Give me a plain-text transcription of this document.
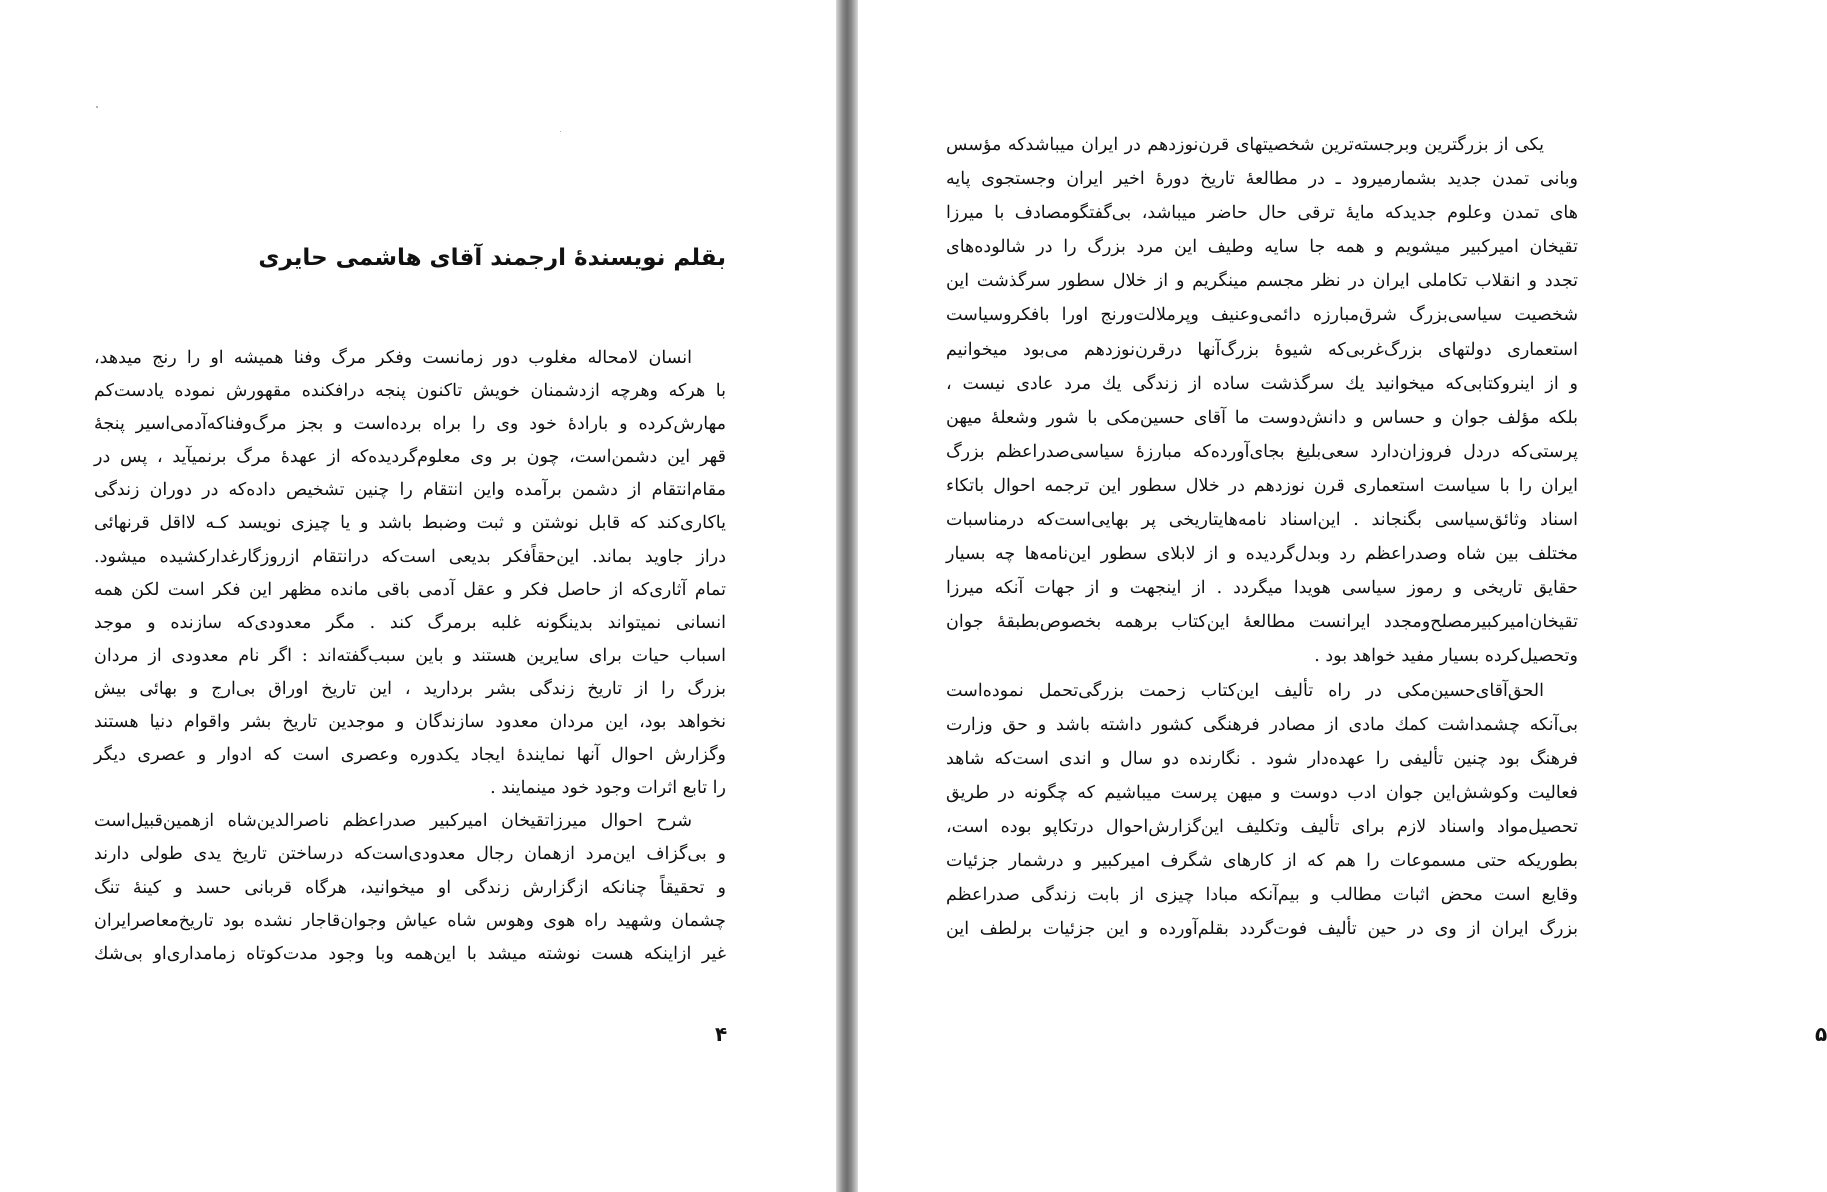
بقلم نویسندهٔ ارجمند آقای هاشمی حایری
انسان لامحاله مغلوب دور زمانست وفکر مرگ وفنا همیشه او را رنج میدهد،
با هرکه وهرچه ازدشمنان خویش تاکنون پنجه درافکنده مقهورش نموده یادست‌کم
مهارش‌کرده و بارادهٔ خود وی را براه برده‌است و بجز مرگ‌وفناکه‌آدمی‌اسیر پنجهٔ
قهر این دشمن‌است، چون بر وی معلوم‌گردیده‌که از عهدهٔ مرگ برنمیآید ، پس در
مقام‌انتقام از دشمن برآمده واین انتقام را چنین تشخیص داده‌که در دوران زندگی
یاکاری‌کند که قابل نوشتن و ثبت وضبط باشد و یا چیزی نویسد کـه لااقل قرنهائی
دراز جاوید بماند. این‌حقاًفکر بدیعی است‌که درانتقام ازروزگارغدارکشیده میشود.
تمام آثاری‌که از حاصل فکر و عقل آدمی باقی مانده مظهر این فکر است لکن همه
انسانی نمیتواند بدینگونه غلبه برمرگ کند . مگر معدودی‌که سازنده و موجد
اسباب حیات برای سایرین هستند و باین سبب‌گفته‌اند : اگر نام معدودی از مردان
بزرگ را از تاریخ زندگی بشر بردارید ، این تاریخ اوراق بی‌ارج و بهائی بیش
نخواهد بود، این مردان معدود سازندگان و موجدین تاریخ بشر واقوام دنیا هستند
وگزارش احوال آنها نمایندهٔ ایجاد یکدوره وعصری است که ادوار و عصری دیگر
را تابع اثرات وجود خود مینمایند .
شرح احوال میرزاتقیخان امیرکبیر صدراعظم ناصرالدین‌شاه ازهمین‌قبیل‌است
و بی‌گزاف این‌مرد ازهمان رجال معدودی‌است‌که درساختن تاریخ یدی طولی دارند
و تحقیقاً چنانکه ازگزارش زندگی او میخوانید، هرگاه قربانی حسد و کینهٔ تنگ
چشمان وشهید راه هوی وهوس شاه عیاش وجوان‌قاجار نشده بود تاریخ‌معاصرایران
غیر ازاینکه هست نوشته میشد با این‌همه وبا وجود مدت‌کوتاه زمامداری‌او بی‌شك
۴
یکی از بزرگترین وبرجسته‌ترین شخصیتهای قرن‌نوزدهم در ایران میباشدکه مؤسس
وبانی تمدن جدید بشمارمیرود ـ در مطالعهٔ تاریخ دورهٔ اخیر ایران وجستجوی پایه
های تمدن وعلوم جدیدکه مایهٔ ترقی حال حاضر میباشد، بی‌گفتگومصادف با میرزا
تقیخان امیرکبیر میشویم و همه جا سایه وطیف این مرد بزرگ را در شالوده‌های
تجدد و انقلاب تکاملی ایران در نظر مجسم مینگریم و از خلال سطور سرگذشت این
شخصیت سیاسی‌بزرگ شرق‌مبارزه دائمی‌وعنیف وپرملالت‌ورنج اورا بافکروسیاست
استعماری دولتهای بزرگ‌غربی‌که شیوهٔ بزرگ‌آنها درقرن‌نوزدهم می‌بود میخوانیم
و از اینروکتابی‌که میخوانید یك سرگذشت ساده از زندگی یك مرد عادی نیست ،
بلکه مؤلف جوان و حساس و دانش‌دوست ما آقای حسین‌مکی با شور وشعلهٔ میهن
پرستی‌که دردل فروزان‌دارد سعی‌بلیغ بجای‌آورده‌که مبارزهٔ سیاسی‌صدراعظم بزرگ
ایران را با سیاست استعماری قرن نوزدهم در خلال سطور این ترجمه احوال باتکاء
اسناد وثائق‌سیاسی بگنجاند . این‌اسناد نامه‌هایتاریخی پر بهایی‌است‌که درمناسبات
مختلف بین شاه وصدراعظم رد وبدل‌گردیده و از لابلای سطور این‌نامه‌ها چه بسیار
حقایق تاریخی و رموز سیاسی هویدا میگردد . از اینجهت و از جهات آنکه میرزا
تقیخان‌امیرکبیرمصلح‌ومجدد ایرانست مطالعهٔ این‌کتاب برهمه بخصوص‌بطبقهٔ جوان
وتحصیل‌کرده بسیار مفید خواهد بود .
الحق‌آقای‌حسین‌مکی در راه تألیف این‌کتاب زحمت بزرگی‌تحمل نموده‌است
بی‌آنکه چشمداشت کمك مادی از مصادر فرهنگی کشور داشته باشد و حق وزارت
فرهنگ بود چنین تألیفی را عهده‌دار شود . نگارنده دو سال و اندی است‌که شاهد
فعالیت وکوشش‌این جوان ادب دوست و میهن پرست میباشیم که چگونه در طریق
تحصیل‌مواد واسناد لازم برای تألیف وتکلیف این‌گزارش‌احوال درتکاپو بوده است،
بطوریکه حتی مسموعات را هم که از کارهای شگرف امیرکبیر و درشمار جزئیات
وقایع است محض اثبات مطالب و بیم‌آنکه مبادا چیزی از بابت زندگی صدراعظم
بزرگ ایران از وی در حین تألیف فوت‌گردد بقلم‌آورده و این جزئیات برلطف این
۵
